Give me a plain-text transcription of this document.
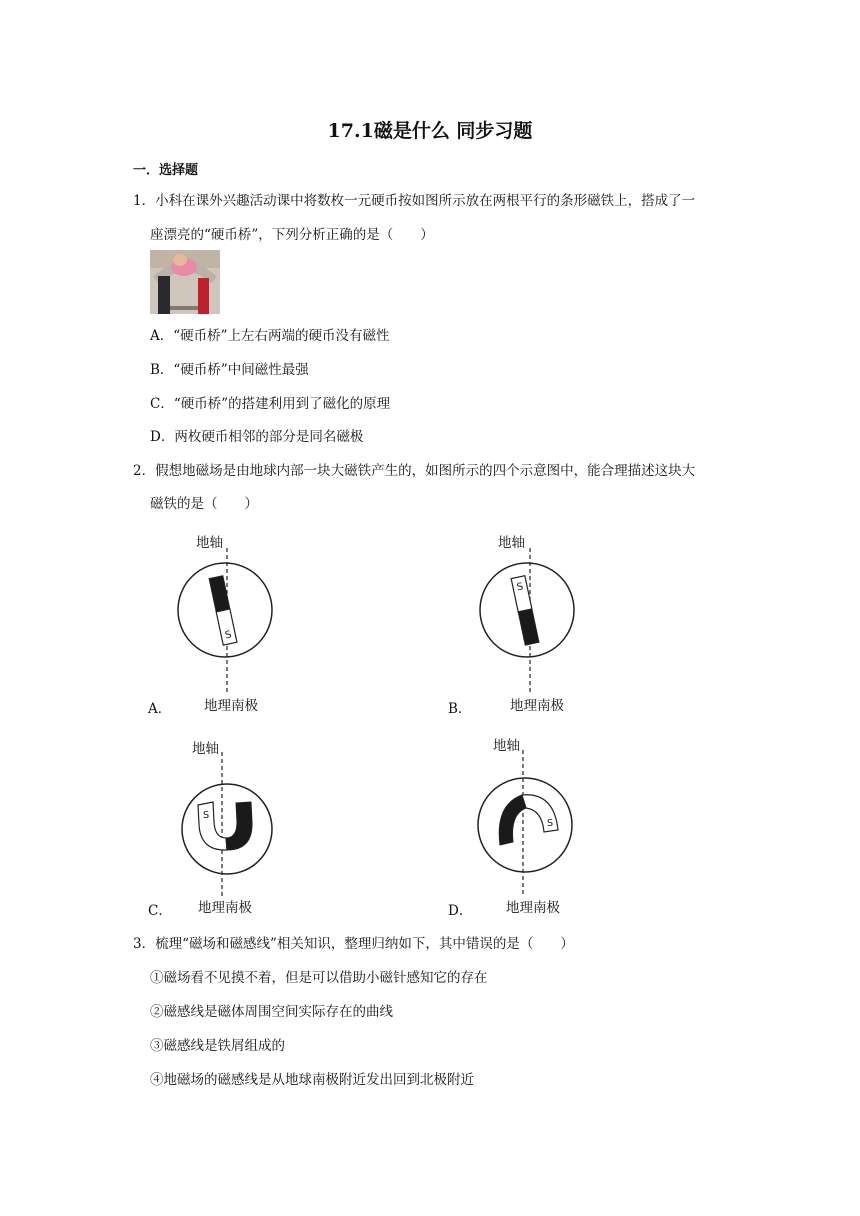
17.1磁是什么 同步习题
一．选择题
1．小科在课外兴趣活动课中将数枚一元硬币按如图所示放在两根平行的条形磁铁上，搭成了一
座漂亮的“硬币桥”，下列分析正确的是（　　）
A．“硬币桥”上左右两端的硬币没有磁性
B．“硬币桥”中间磁性最强
C．“硬币桥”的搭建利用到了磁化的原理
D．两枚硬币相邻的部分是同名磁极
2．假想地磁场是由地球内部一块大磁铁产生的，如图所示的四个示意图中，能合理描述这块大
磁铁的是（　　）
地轴
S
A． 地理南极
地轴
S
B．	地理南极
地轴
S
C． 地理南极
地轴
S
D． 地理南极
3．梳理“磁场和磁感线”相关知识，整理归纳如下，其中错误的是（　　）
①磁场看不见摸不着，但是可以借助小磁针感知它的存在
②磁感线是磁体周围空间实际存在的曲线
③磁感线是铁屑组成的
④地磁场的磁感线是从地球南极附近发出回到北极附近
